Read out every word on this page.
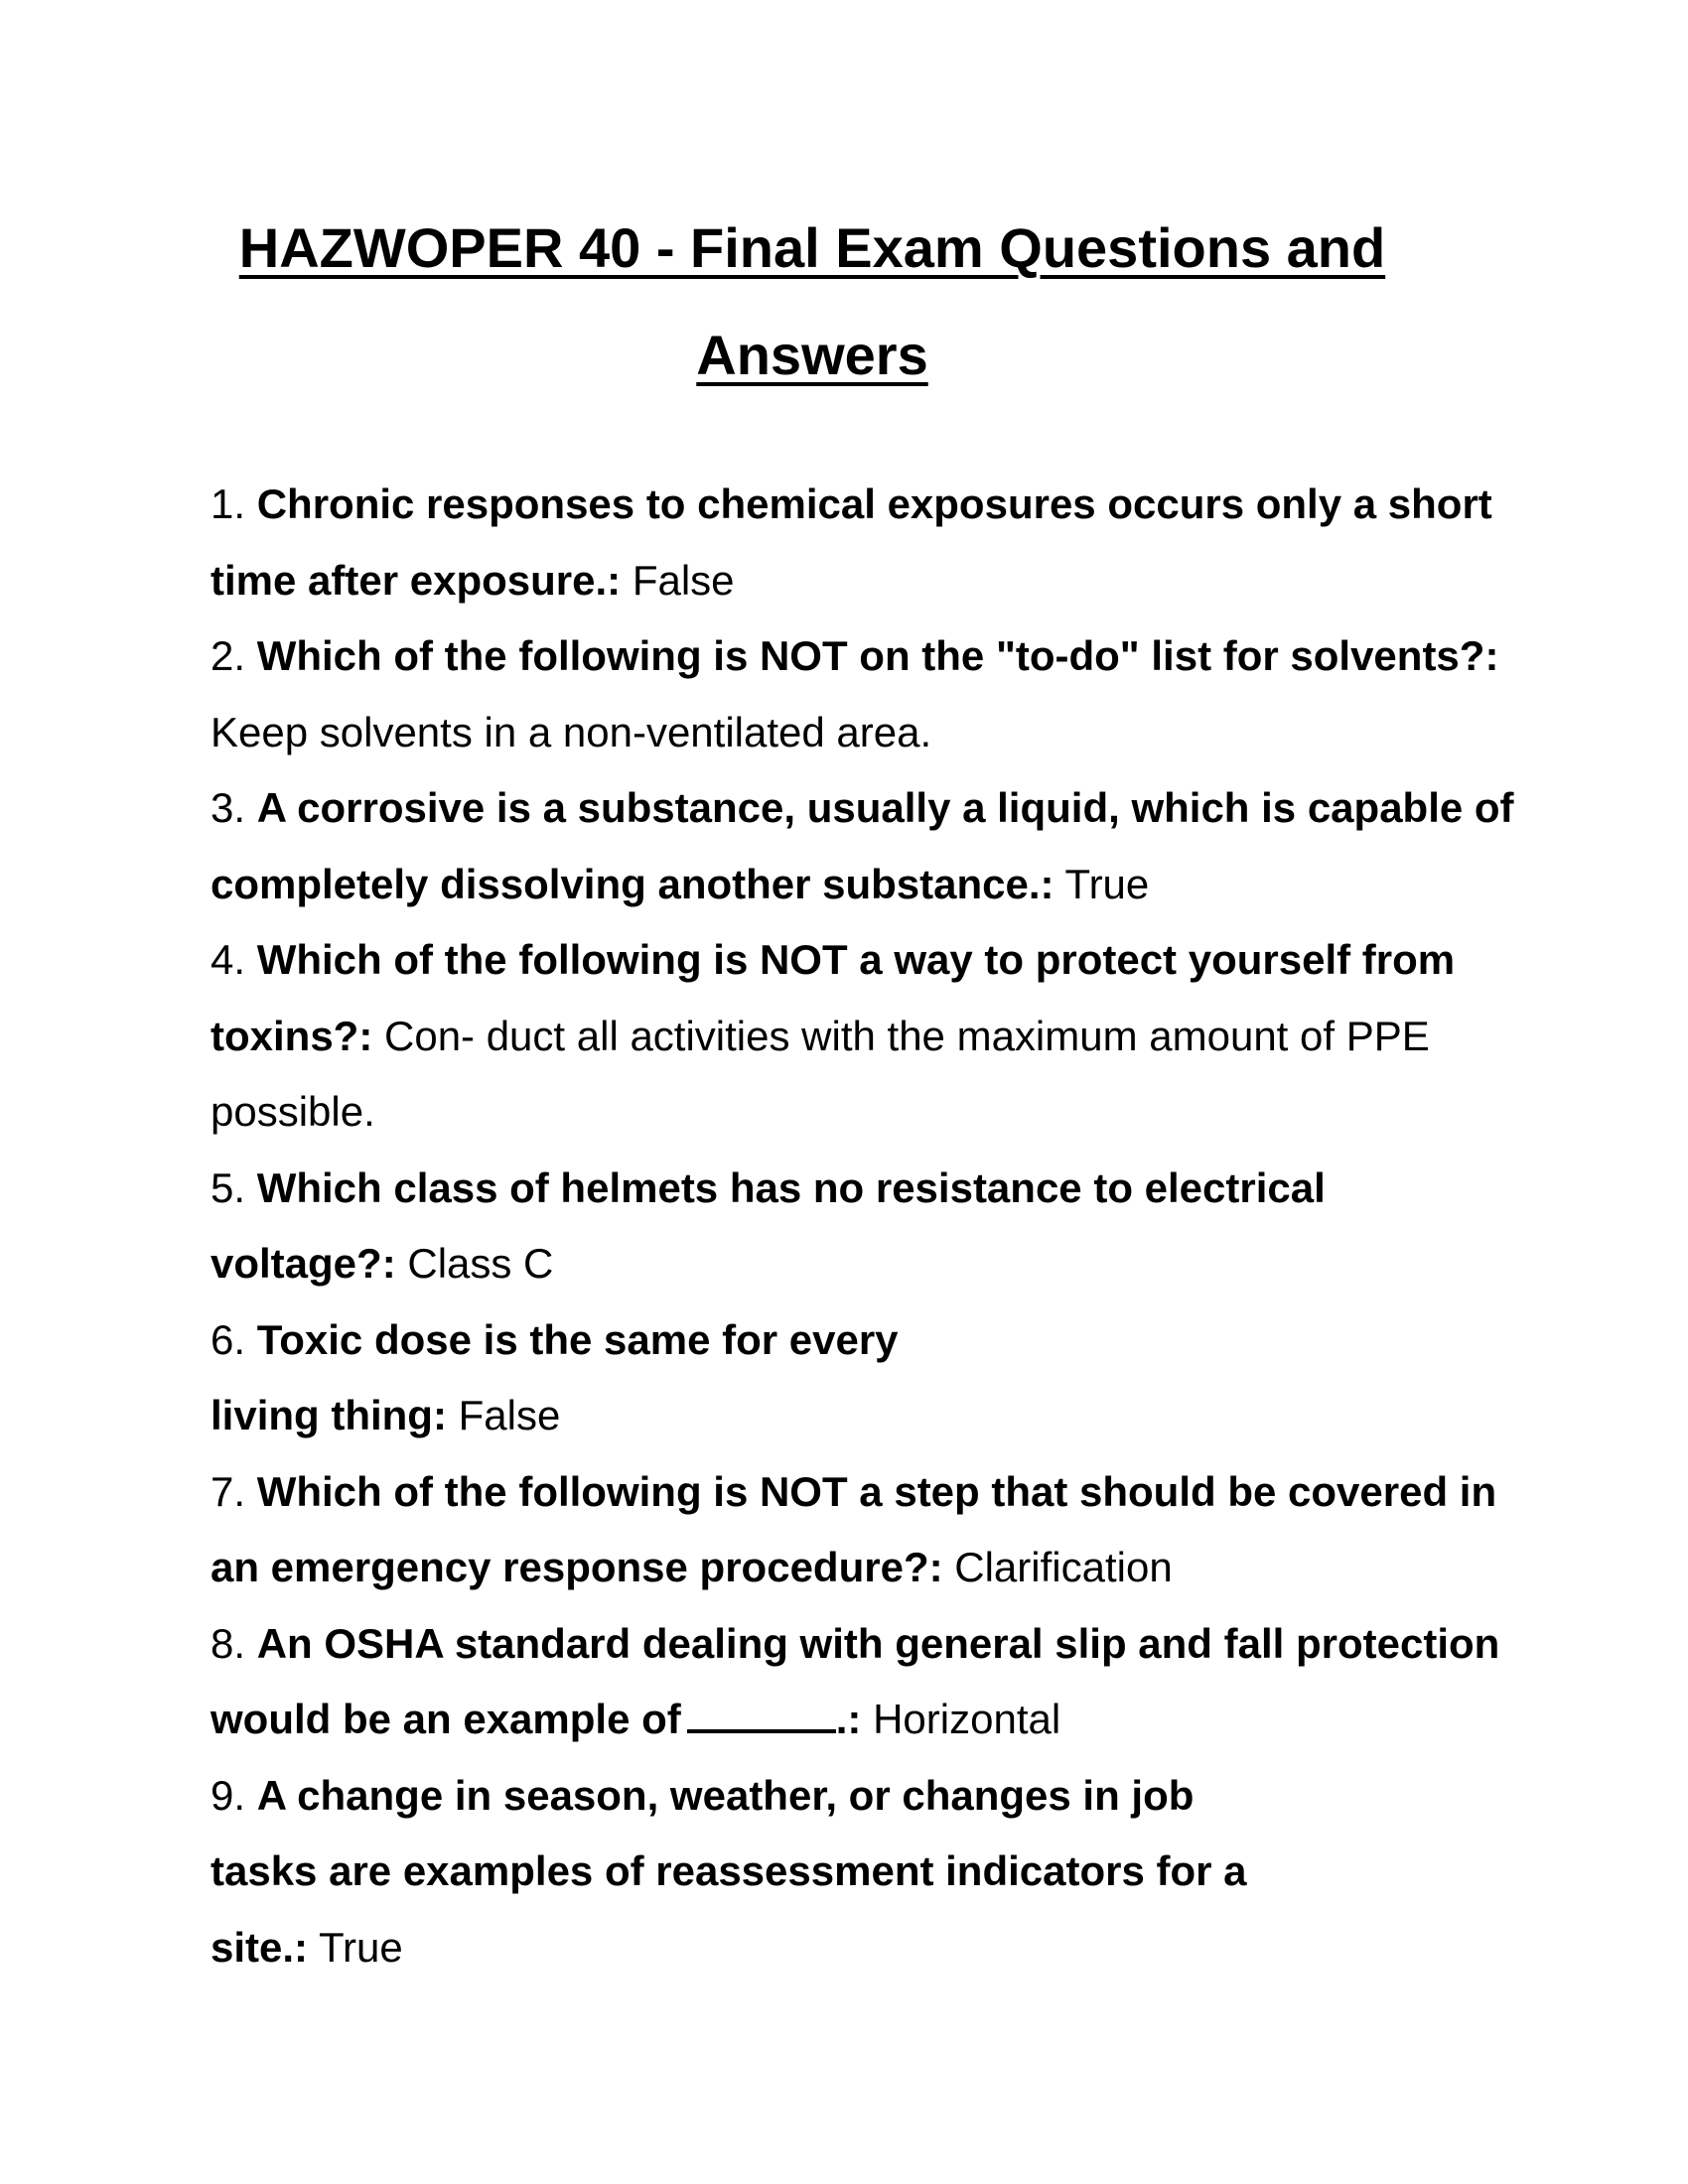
HAZWOPER 40 - Final Exam Questions and
Answers
1. Chronic responses to chemical exposures occurs only a short time after exposure.: False
2. Which of the following is NOT on the "to-do" list for solvents?: Keep solvents in a non-ventilated area.
3. A corrosive is a substance, usually a liquid, which is capable of completely dissolving another substance.: True
4. Which of the following is NOT a way to protect yourself from toxins?: Con- duct all activities with the maximum amount of PPE possible.
5. Which class of helmets has no resistance to electrical voltage?: Class C
6. Toxic dose is the same for every
living thing: False
7. Which of the following is NOT a step that should be covered in an emergency response procedure?: Clarification
8. An OSHA standard dealing with general slip and fall protection would be an example of	.: Horizontal
9. A change in season, weather, or changes in job
tasks are examples of reassessment indicators for a
site.: True
